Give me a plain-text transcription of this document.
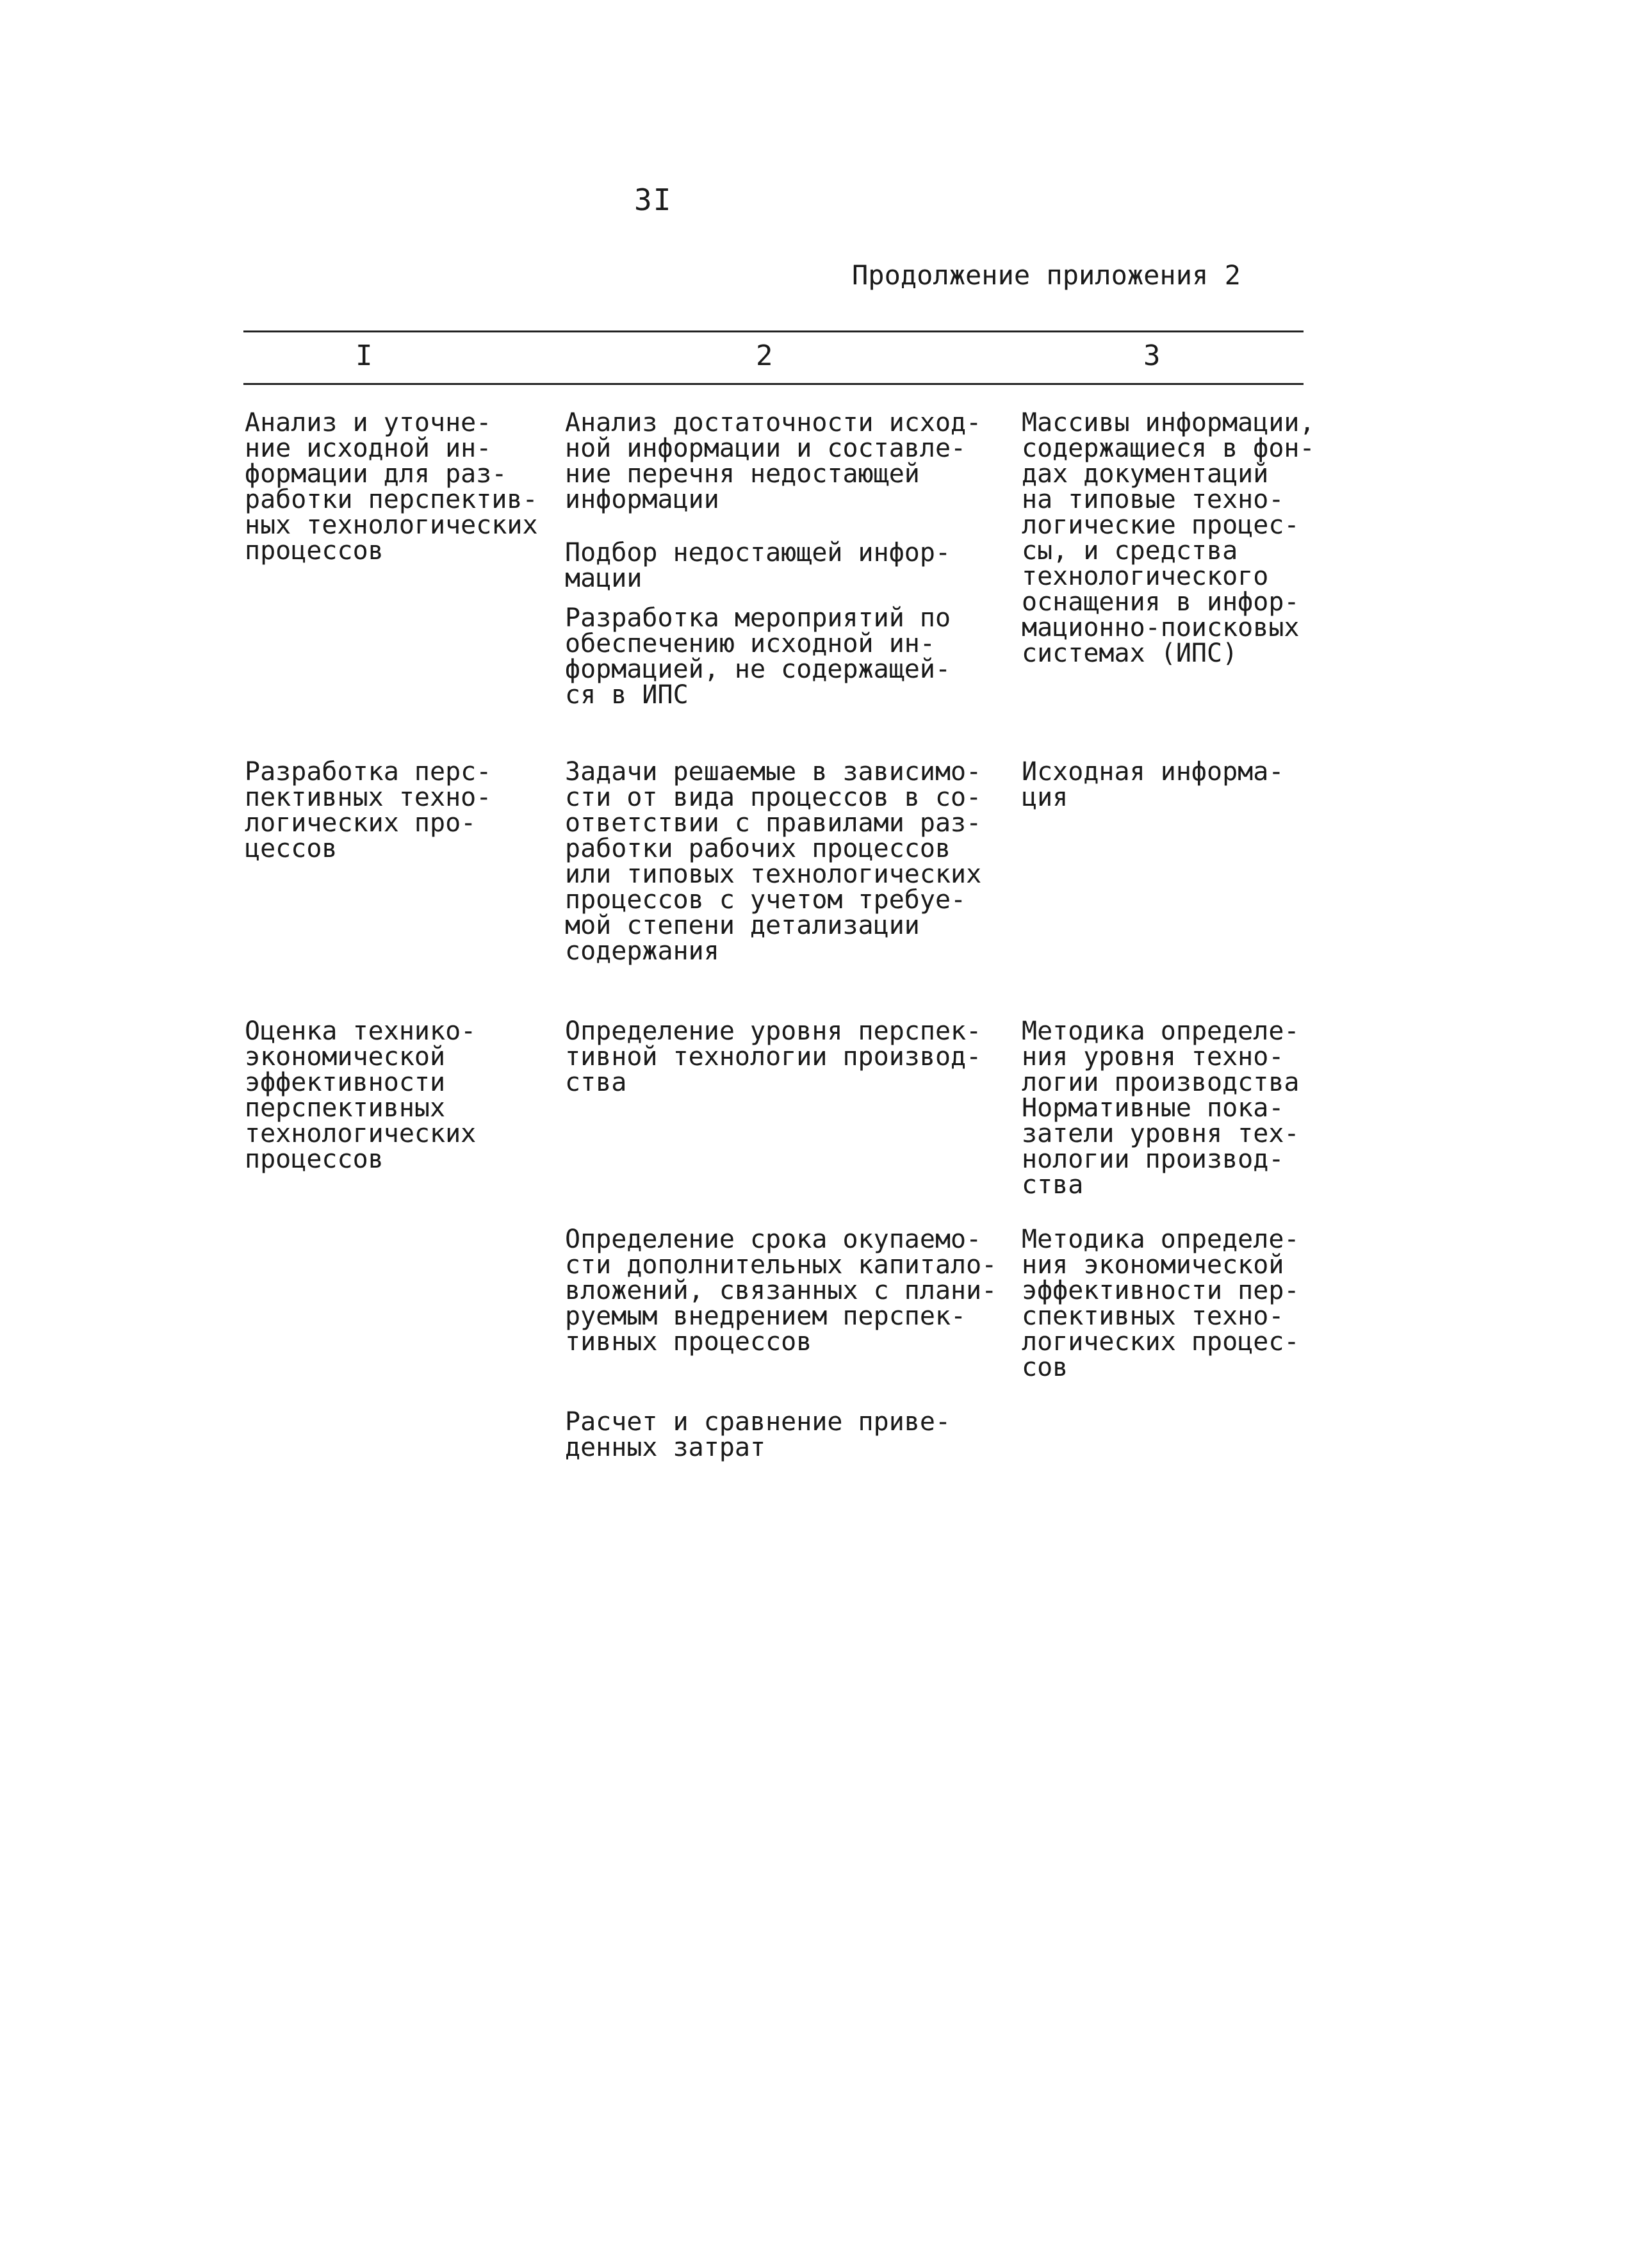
3I
Продолжение приложения 2
I	2	3
Анализ и уточне-
ние исходной ин-
формации для раз-
работки перспектив-
ных технологических
процессов
Анализ достаточности исход-
ной информации и составле-
ние перечня недостающей
информации
Подбор недостающей инфор-
мации
Разработка мероприятий по
обеспечению исходной ин-
формацией, не содержащей-
ся в ИПС
Массивы информации,
содержащиеся в фон-
дах документаций
на типовые техно-
логические процес-
сы, и средства
технологического
оснащения в инфор-
мационно-поисковых
системах (ИПС)
Разработка перс-
пективных техно-
логических про-
цессов
Задачи решаемые в зависимо-
сти от вида процессов в со-
ответствии с правилами раз-
работки рабочих процессов
или типовых технологических
процессов с учетом требуе-
мой степени детализации
содержания
Исходная информа-
ция
Оценка технико-
экономической
эффективности
перспективных
технологических
процессов
Определение уровня перспек-
тивной технологии производ-
ства
Методика определе-
ния уровня техно-
логии производства
Нормативные пока-
затели уровня тех-
нологии производ-
ства
Определение срока окупаемо-
сти дополнительных капитало-
вложений, связанных с плани-
руемым внедрением перспек-
тивных процессов
Методика определе-
ния экономической
эффективности пер-
спективных техно-
логических процес-
сов
Расчет и сравнение приве-
денных затрат
